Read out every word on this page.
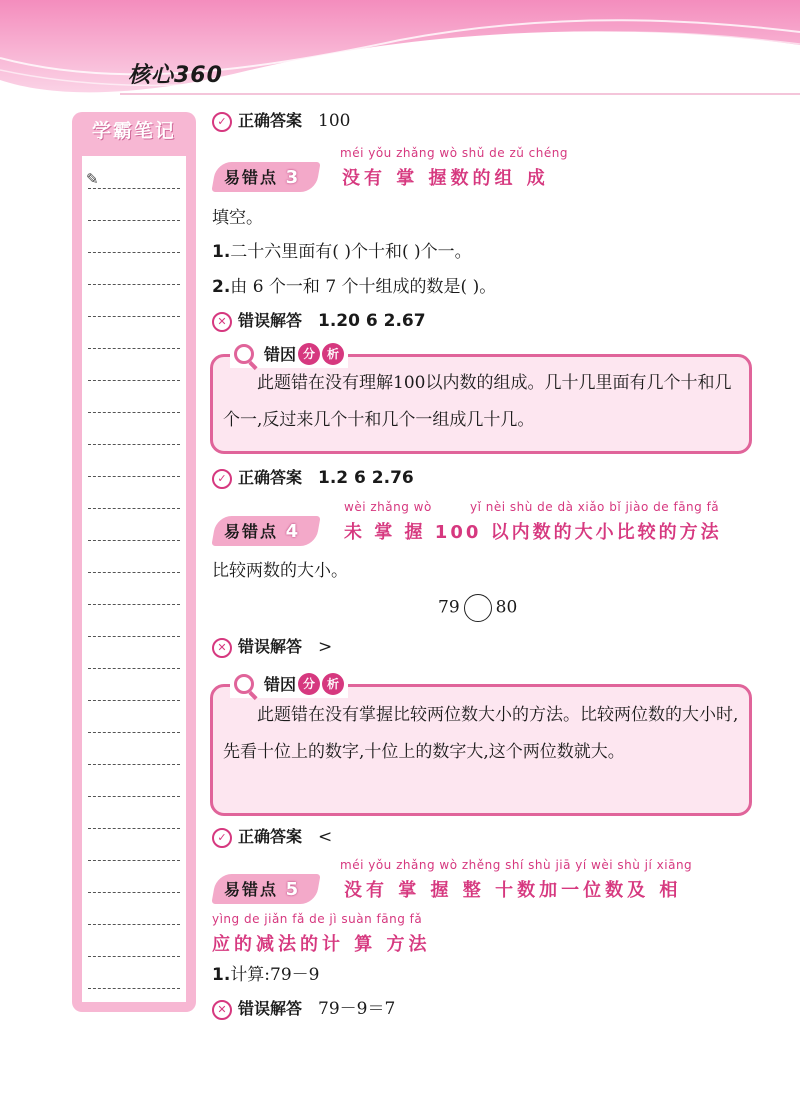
核心360
学霸笔记
✎
✓ 正确答案 100
易错点 3
méi yǒu zhǎng wò shǔ de zǔ chéng
没有 掌 握数的组 成
填空。
1.二十六里面有( )个十和( )个一。
2.由 6 个一和 7 个十组成的数是( )。
✕ 错误解答 1.20 6 2.67
此题错在没有理解100以内数的组成。几十几里面有几个十和几个一,反过来几个十和几个一组成几十几。
错因 分 析
✓ 正确答案 1.2 6 2.76
易错点 4
wèi zhǎng wò	yǐ nèi shù de dà xiǎo bǐ jiào de fāng fǎ
未 掌 握 100 以内数的大小比较的方法
比较两数的大小。
79 80
✕ 错误解答 >
此题错在没有掌握比较两位数大小的方法。比较两位数的大小时,先看十位上的数字,十位上的数字大,这个两位数就大。
错因 分 析
✓ 正确答案 <
易错点 5
méi yǒu zhǎng wò zhěng shí shù jiā yí wèi shù jí xiāng
没有 掌 握 整 十数加一位数及 相
yìng de jiǎn fǎ de jì suàn fāng fǎ
应的减法的计 算 方法
1.计算:79－9
✕ 错误解答 79－9＝7
